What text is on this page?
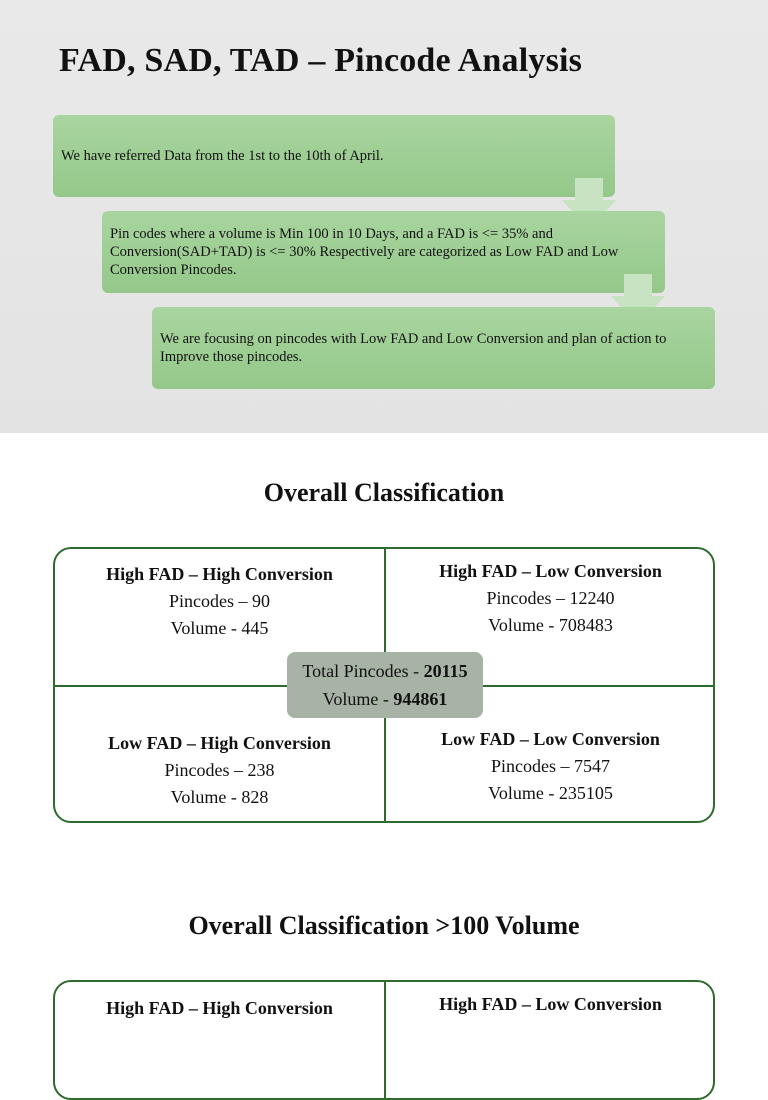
FAD, SAD, TAD – Pincode Analysis

We have referred Data from the 1st to the 10th of April.

Pin codes where a volume is Min 100 in 10 Days, and a FAD is <= 35% and Conversion(SAD+TAD) is <= 30% Respectively are categorized as Low FAD and Low Conversion Pincodes.

We are focusing on pincodes with Low FAD and Low Conversion and plan of action to Improve those pincodes.

Overall Classification
High FAD – High Conversion
Pincodes – 90
Volume - 445
High FAD – Low Conversion
Pincodes – 12240
Volume - 708483
Low FAD – High Conversion
Pincodes – 238
Volume - 828
Low FAD – Low Conversion
Pincodes – 7547
Volume - 235105
Total Pincodes - 20115
Volume - 944861
Overall Classification >100 Volume
High FAD – High Conversion	High FAD – Low Conversion
